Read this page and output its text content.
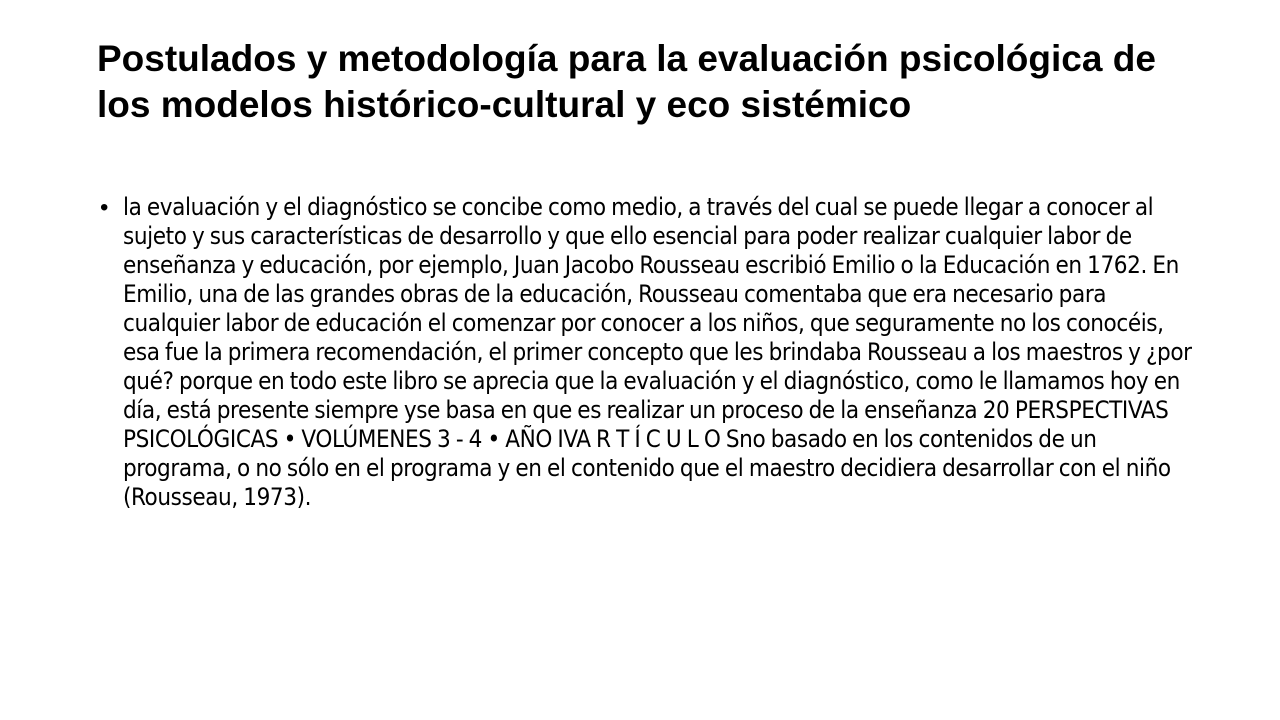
Postulados y metodología para la evaluación psicológica de los modelos histórico-cultural y eco sistémico
• la evaluación y el diagnóstico se concibe como medio, a través del cual se puede llegar a conocer al sujeto y sus características de desarrollo y que ello esencial para poder realizar cualquier labor de enseñanza y educación, por ejemplo, Juan Jacobo Rousseau escribió Emilio o la Educación en 1762. En Emilio, una de las grandes obras de la educación, Rousseau comentaba que era necesario para cualquier labor de educación el comenzar por conocer a los niños, que seguramente no los conocéis, esa fue la primera recomendación, el primer concepto que les brindaba Rousseau a los maestros y ¿por qué? porque en todo este libro se aprecia que la evaluación y el diagnóstico, como le llamamos hoy en día, está presente siempre yse basa en que es realizar un proceso de la enseñanza 20 PERSPECTIVAS PSICOLÓGICAS • VOLÚMENES 3 - 4 • AÑO IVA R T Í C U L O Sno basado en los contenidos de un programa, o no sólo en el programa y en el contenido que el maestro decidiera desarrollar con el niño (Rousseau, 1973).
